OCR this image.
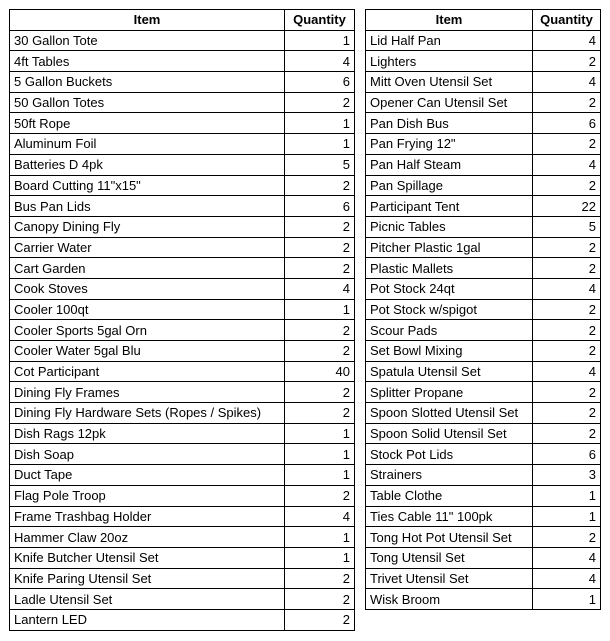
Item	Quantity
30 Gallon Tote	1
4ft Tables	4
5 Gallon Buckets	6
50 Gallon Totes	2
50ft Rope	1
Aluminum Foil	1
Batteries D 4pk	5
Board Cutting 11"x15"	2
Bus Pan Lids	6
Canopy Dining Fly	2
Carrier Water	2
Cart Garden	2
Cook Stoves	4
Cooler 100qt	1
Cooler Sports 5gal Orn	2
Cooler Water 5gal Blu	2
Cot Participant	40
Dining Fly Frames	2
Dining Fly Hardware Sets (Ropes / Spikes)	2
Dish Rags 12pk	1
Dish Soap	1
Duct Tape	1
Flag Pole Troop	2
Frame Trashbag Holder	4
Hammer Claw 20oz	1
Knife Butcher Utensil Set	1
Knife Paring Utensil Set	2
Ladle Utensil Set	2
Lantern LED	2
Item	Quantity
Lid Half Pan	4
Lighters	2
Mitt Oven Utensil Set	4
Opener Can Utensil Set	2
Pan Dish Bus	6
Pan Frying 12"	2
Pan Half Steam	4
Pan Spillage	2
Participant Tent	22
Picnic Tables	5
Pitcher Plastic 1gal	2
Plastic Mallets	2
Pot Stock 24qt	4
Pot Stock w/spigot	2
Scour Pads	2
Set Bowl Mixing	2
Spatula Utensil Set	4
Splitter Propane	2
Spoon Slotted Utensil Set	2
Spoon Solid Utensil Set	2
Stock Pot Lids	6
Strainers	3
Table Clothe	1
Ties Cable 11" 100pk	1
Tong Hot Pot Utensil Set	2
Tong Utensil Set	4
Trivet Utensil Set	4
Wisk Broom	1
